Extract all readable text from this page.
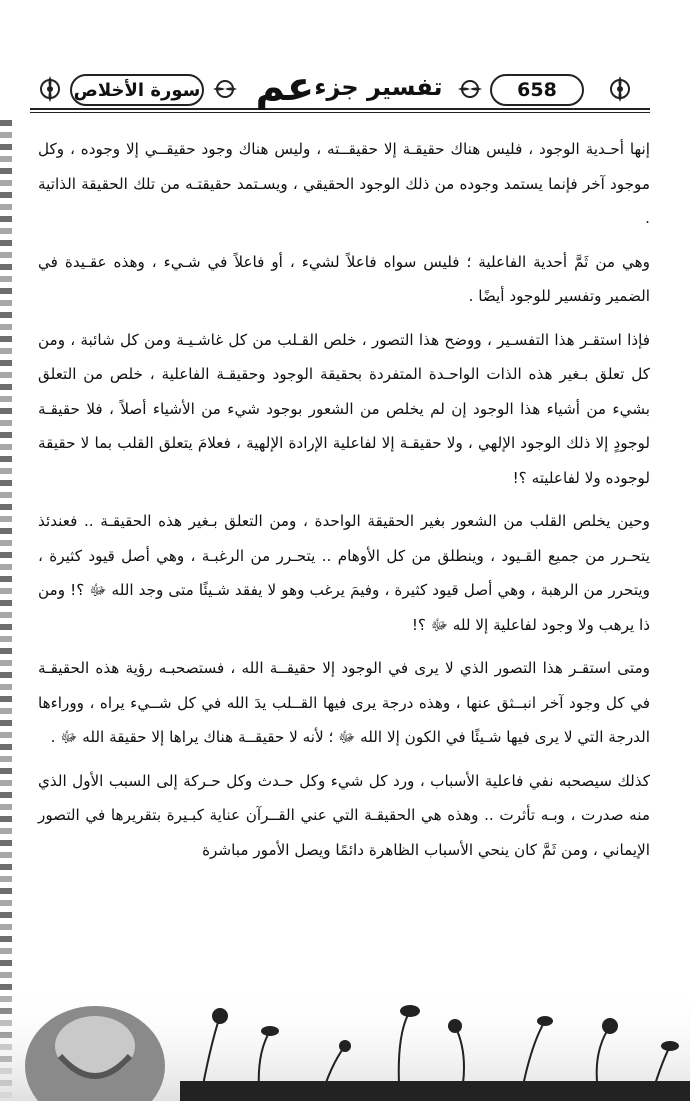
658
تفسير جزء
عم
سورة الأخلاص

إنها أحـدية الوجود ، فليس هناك حقيقـة إلا حقيقــته ، وليس هناك وجود حقيقــي إلا وجوده ، وكل موجود آخر فإنما يستمد وجوده من ذلك الوجود الحقيقي ، ويسـتمد حقيقتـه من تلك الحقيقة الذاتية .

وهي من ثَمَّ أحدية الفاعلية ؛ فليس سواه فاعلاً لشيء ، أو فاعلاً في شـيء ، وهذه عقـيدة في الضمير وتفسير للوجود أيضًا .

فإذا استقـر هذا التفسـير ، ووضح هذا التصور ، خلص القـلب من كل غاشـيـة ومن كل شائبة ، ومن كل تعلق بـغير هذه الذات الواحـدة المتفردة بحقيقة الوجود وحقيقـة الفاعلية ، خلص من التعلق بشيء من أشياء هذا الوجود إن لم يخلص من الشعور بوجود شيء من الأشياء أصلاً ، فلا حقيقـة لوجودٍ إلا ذلك الوجود الإلهي ، ولا حقيقـة إلا لفاعلية الإرادة الإلهية ، فعلامَ يتعلق القلب بما لا حقيقة لوجوده ولا لفاعليته ؟!

وحين يخلص القلب من الشعور بغير الحقيقة الواحدة ، ومن التعلق بـغير هذه الحقيقـة .. فعندئذ يتحـرر من جميع القـيود ، وينطلق من كل الأوهام .. يتحـرر من الرغبـة ، وهي أصل قيود كثيرة ، ويتحرر من الرهبة ، وهي أصل قيود كثيرة ، وفيمَ يرغب وهو لا يفقد شـيئًا متى وجد الله ﷻ ؟! ومن ذا يرهب ولا وجود لفاعلية إلا لله ﷻ ؟!

ومتى استقـر هذا التصور الذي لا يرى في الوجود إلا حقيقــة الله ، فستصحبـه رؤية هذه الحقيقـة في كل وجود آخر انبــثق عنها ، وهذه درجة يرى فيها القــلب يدَ الله في كل شــيء يراه ، ووراءها الدرجة التي لا يرى فيها شـيئًا في الكون إلا الله ﷻ ؛ لأنه لا حقيقــة هناك يراها إلا حقيقة الله ﷻ .

كذلك سيصحبه نفي فاعلية الأسباب ، ورد كل شيء وكل حـدث وكل حـركة إلى السبب الأول الذي منه صدرت ، وبـه تأثرت .. وهذه هي الحقيقـة التي عني القــرآن عناية كبـيرة بتقريرها في التصور الإيماني ، ومن ثَمَّ كان ينحي الأسباب الظاهرة دائمًا ويصل الأمور مباشرة
